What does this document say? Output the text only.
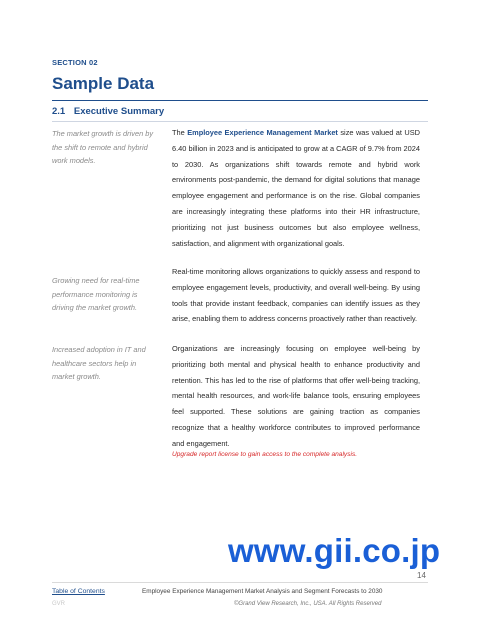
SECTION 02
Sample Data
2.1 Executive Summary
The market growth is driven by the shift to remote and hybrid work models.
The Employee Experience Management Market size was valued at USD 6.40 billion in 2023 and is anticipated to grow at a CAGR of 9.7% from 2024 to 2030. As organizations shift towards remote and hybrid work environments post-pandemic, the demand for digital solutions that manage employee engagement and performance is on the rise. Global companies are increasingly integrating these platforms into their HR infrastructure, prioritizing not just business outcomes but also employee wellness, satisfaction, and alignment with organizational goals.
Growing need for real-time performance monitoring is driving the market growth.
Real-time monitoring allows organizations to quickly assess and respond to employee engagement levels, productivity, and overall well-being. By using tools that provide instant feedback, companies can identify issues as they arise, enabling them to address concerns proactively rather than reactively.
Increased adoption in IT and healthcare sectors help in market growth.
Organizations are increasingly focusing on employee well-being by prioritizing both mental and physical health to enhance productivity and retention. This has led to the rise of platforms that offer well-being tracking, mental health resources, and work-life balance tools, ensuring employees feel supported. These solutions are gaining traction as companies recognize that a healthy workforce contributes to improved performance and engagement.
Upgrade report license to gain access to the complete analysis.
www.gii.co.jp
14
Table of Contents	Employee Experience Management Market Analysis and Segment Forecasts to 2030
GVR	©Grand View Research, Inc., USA. All Rights Reserved
